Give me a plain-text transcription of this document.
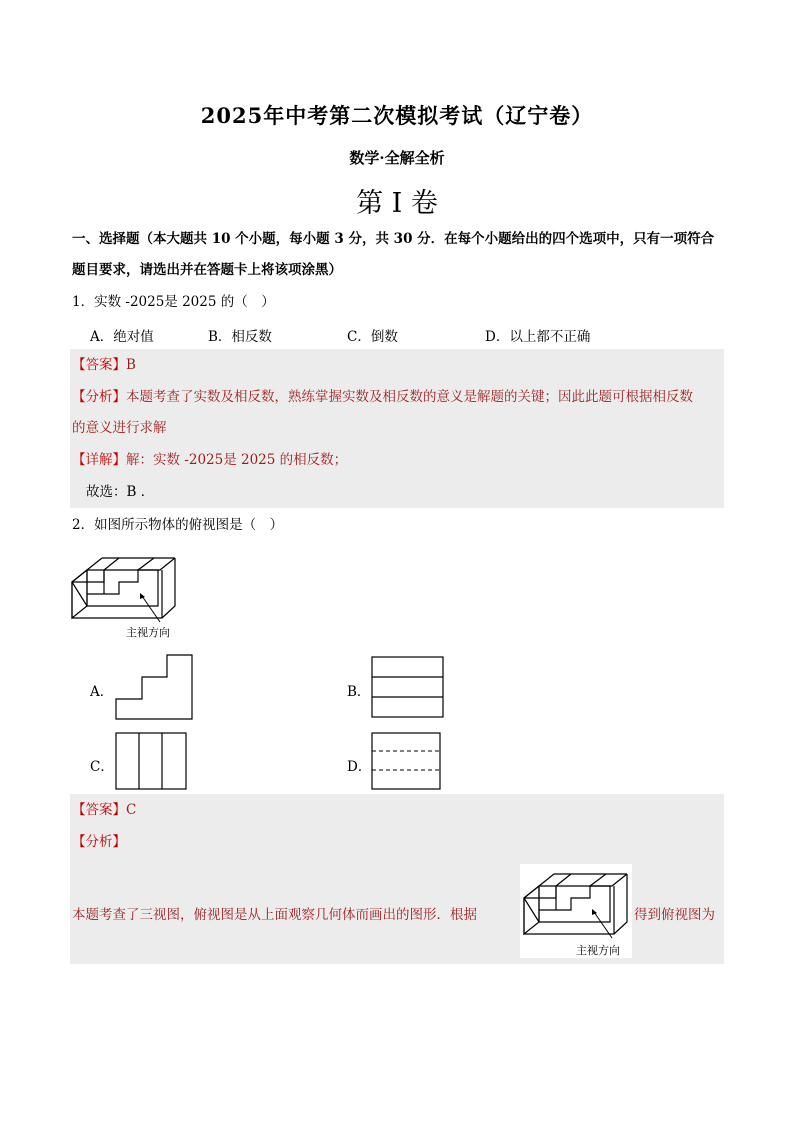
2025年中考第二次模拟考试（辽宁卷）
数学·全解全析
第 I 卷
一、选择题（本大题共 10 个小题，每小题 3 分，共 30 分．在每个小题给出的四个选项中，只有一项符合
题目要求，请选出并在答题卡上将该项涂黑）
1．实数 -2025是 2025 的（　）
A．绝对值	B．相反数	C．倒数	D．以上都不正确
【答案】B
【分析】本题考查了实数及相反数，熟练掌握实数及相反数的意义是解题的关键；因此此题可根据相反数
的意义进行求解
【详解】解：实数 -2025是 2025 的相反数；
故选：B ．
2．如图所示物体的俯视图是（　）
主视方向
A．	B．
C．	D．
【答案】C
【分析】
本题考查了三视图，俯视图是从上面观察几何体而画出的图形．根据
主视方向
得到俯视图为
